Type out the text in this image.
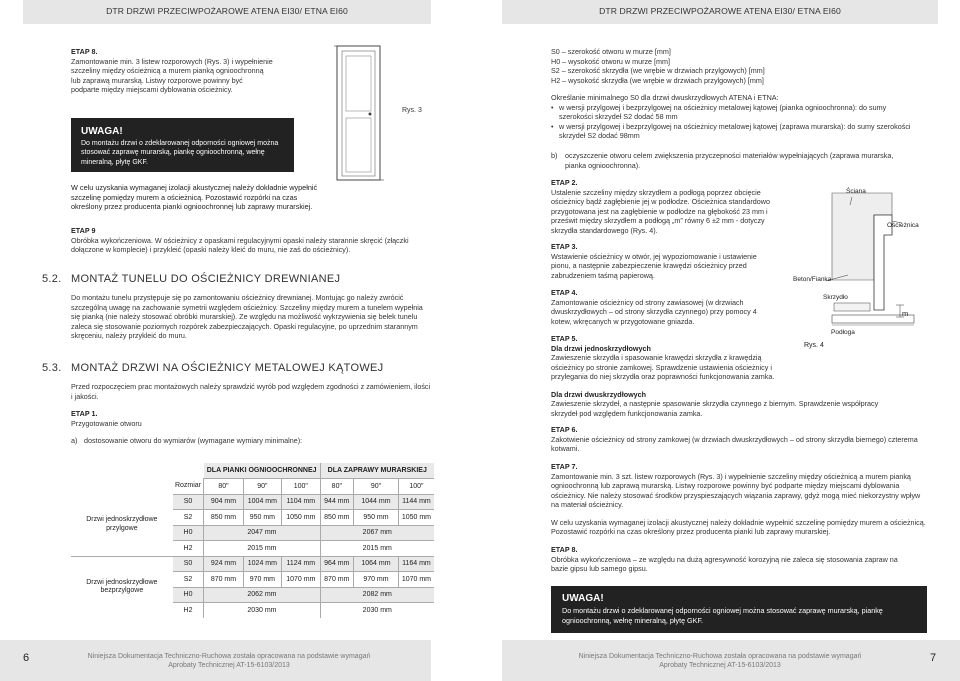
DTR DRZWI PRZECIWPOŻAROWE ATENA EI30/ ETNA EI60	DTR DRZWI PRZECIWPOŻAROWE ATENA EI30/ ETNA EI60
ETAP 8.
Zamontowanie min. 3 listew rozporowych (Rys. 3) i wypełnienie szczeliny między ościeżnicą a murem pianką ognioochronną lub zaprawą murarską. Listwy rozporowe powinny być podparte między miejscami dyblowania ościeżnicy.
UWAGA!
Do montażu drzwi o zdeklarowanej odporności ogniowej można stosować zaprawę murarską, piankę ognioochronną, wełnę mineralną, płytę GKF.
Rys. 3
W celu uzyskania wymaganej izolacji akustycznej należy dokładnie wypełnić szczelinę pomiędzy murem a ościeżnicą. Pozostawić rozpórki na czas określony przez producenta pianki ognioochronnej lub zaprawy murarskiej.
ETAP 9
Obróbka wykończeniowa. W ościeżnicy z opaskami regulacyjnymi opaski należy starannie skręcić (złączki dołączone w komplecie) i przykleić (opaski należy kleić do muru, nie zaś do ościeżnicy).
5.2. MONTAŻ TUNELU DO OŚCIEŻNICY DREWNIANEJ
Do montażu tunelu przystępuje się po zamontowaniu ościeżnicy drewnianej. Montując go należy zwrócić szczególną uwagę na zachowanie symetrii względem ościeżnicy. Szczeliny między murem a tunelem wypełnia się pianką (nie należy stosować obróbki murarskiej). Ze względu na możliwość wykrzywienia się belek tunelu zaleca się stosowanie poziomych rozpórek zabezpieczających. Opaski regulacyjne, po uprzednim starannym skręceniu, należy przykleić do muru.
5.3. MONTAŻ DRZWI NA OŚCIEŻNICY METALOWEJ KĄTOWEJ
Przed rozpoczęciem prac montażowych należy sprawdzić wyrób pod względem zgodności z zamówieniem, ilości i jakości.
ETAP 1.
Przygotowanie otworu
a) dostosowanie otworu do wymiarów (wymagane wymiary minimalne):
		DLA PIANKI OGNIOOCHRONNEJ			DLA ZAPRAWY MURARSKIEJ		
	Rozmiar	80"	90"	100"	80"	90"	100"
Drzwi jednoskrzydłowe przylgowe	S0	904 mm	1004 mm	1104 mm	944 mm	1044 mm	1144 mm
	S2	850 mm	950 mm	1050 mm	850 mm	950 mm	1050 mm
	H0	2047 mm			2067 mm		
	H2	2015 mm			2015 mm		
Drzwi jednoskrzydłowe bezprzylgowe	S0	924 mm	1024 mm	1124 mm	964 mm	1064 mm	1164 mm
	S2	870 mm	970 mm	1070 mm	870 mm	970 mm	1070 mm
	H0	2062 mm			2082 mm		
	H2	2030 mm			2030 mm		
S0 – szerokość otworu w murze [mm]
H0 – wysokość otworu w murze [mm]
S2 – szerokość skrzydła (we wrębie w drzwiach przylgowych) [mm]
H2 – wysokość skrzydła (we wrębie w drzwiach przylgowych) [mm]
Określanie minimalnego S0 dla drzwi dwuskrzydłowych ATENA i ETNA:
• w wersji przylgowej i bezprzylgowej na ościeżnicy metalowej kątowej (pianka ognioochronna): do sumy szerokości skrzydeł S2 dodać 58 mm
• w wersji przylgowej i bezprzylgowej na ościeżnicy metalowej kątowej (zaprawa murarska): do sumy szerokości skrzydeł S2 dodać 98mm
b)	oczyszczenie otworu celem zwiększenia przyczepności materiałów wypełniających (zaprawa murarska, pianka ognioochronna).
ETAP 2.
Ustalenie szczeliny między skrzydłem a podłogą poprzez obcięcie ościeżnicy bądź zagłębienie jej w podłodze. Ościeżnica standardowo przygotowana jest na zagłębienie w podłodze na głębokość 23 mm i prześwit między skrzydłem a podłogą „m” równy 6 ±2 mm - dotyczy skrzydła standardowego (Rys. 4).
ETAP 3.
Wstawienie ościeżnicy w otwór, jej wypoziomowanie i ustawienie pionu, a następnie zabezpieczenie krawędzi ościeżnicy przed zabrudzeniem taśmą papierową.
ETAP 4.
Zamontowanie ościeżnicy od strony zawiasowej (w drzwiach dwuskrzydłowych – od strony skrzydła czynnego) przy pomocy 4 kotew, wkręcanych w przygotowane gniazda.
ETAP 5.
Dla drzwi jednoskrzydłowych
Zawieszenie skrzydła i spasowanie krawędzi skrzydła z krawędzią ościeżnicy po stronie zamkowej. Sprawdzenie ustawienia ościeżnicy i przylegania do niej skrzydła oraz poprawności funkcjonowania zamka.
Dla drzwi dwuskrzydłowych
Zawieszenie skrzydeł, a następnie spasowanie skrzydła czynnego z biernym. Sprawdzenie współpracy skrzydeł pod względem funkcjonowania zamka.
Ściana
Ościeżnica
Beton/Fianka
Skrzydło
m
Podłoga
Rys. 4
ETAP 6.
Zakotwienie ościeżnicy od strony zamkowej (w drzwiach dwuskrzydłowych – od strony skrzydła biernego) czterema kotwami.
ETAP 7.
Zamontowanie min. 3 szt. listew rozporowych (Rys. 3) i wypełnienie szczeliny między ościeżnicą a murem pianką ognioochronną lub zaprawą murarską. Listwy rozporowe powinny być podparte między miejscami dyblowania ościeżnicy. Nie należy stosować środków przyspieszających wiązania zaprawy, gdyż mogą mieć niekorzystny wpływ na materiał ościeżnicy.
W celu uzyskania wymaganej izolacji akustycznej należy dokładnie wypełnić szczelinę pomiędzy murem a ościeżnicą. Pozostawić rozpórki na czas określony przez producenta pianki lub zaprawy murarskiej.
ETAP 8.
Obróbka wykończeniowa – ze względu na dużą agresywność korozyjną nie zaleca się stosowania zapraw na bazie gipsu lub samego gipsu.
UWAGA!
Do montażu drzwi o zdeklarowanej odporności ogniowej można stosować zaprawę murarską, piankę ognioochronną, wełnę mineralną, płytę GKF.
6	Niniejsza Dokumentacja Techniczno-Ruchowa została opracowana na podstawie wymagań
Aprobaty Technicznej AT-15-6103/2013
Niniejsza Dokumentacja Techniczno-Ruchowa została opracowana na podstawie wymagań
Aprobaty Technicznej AT-15-6103/2013
7
